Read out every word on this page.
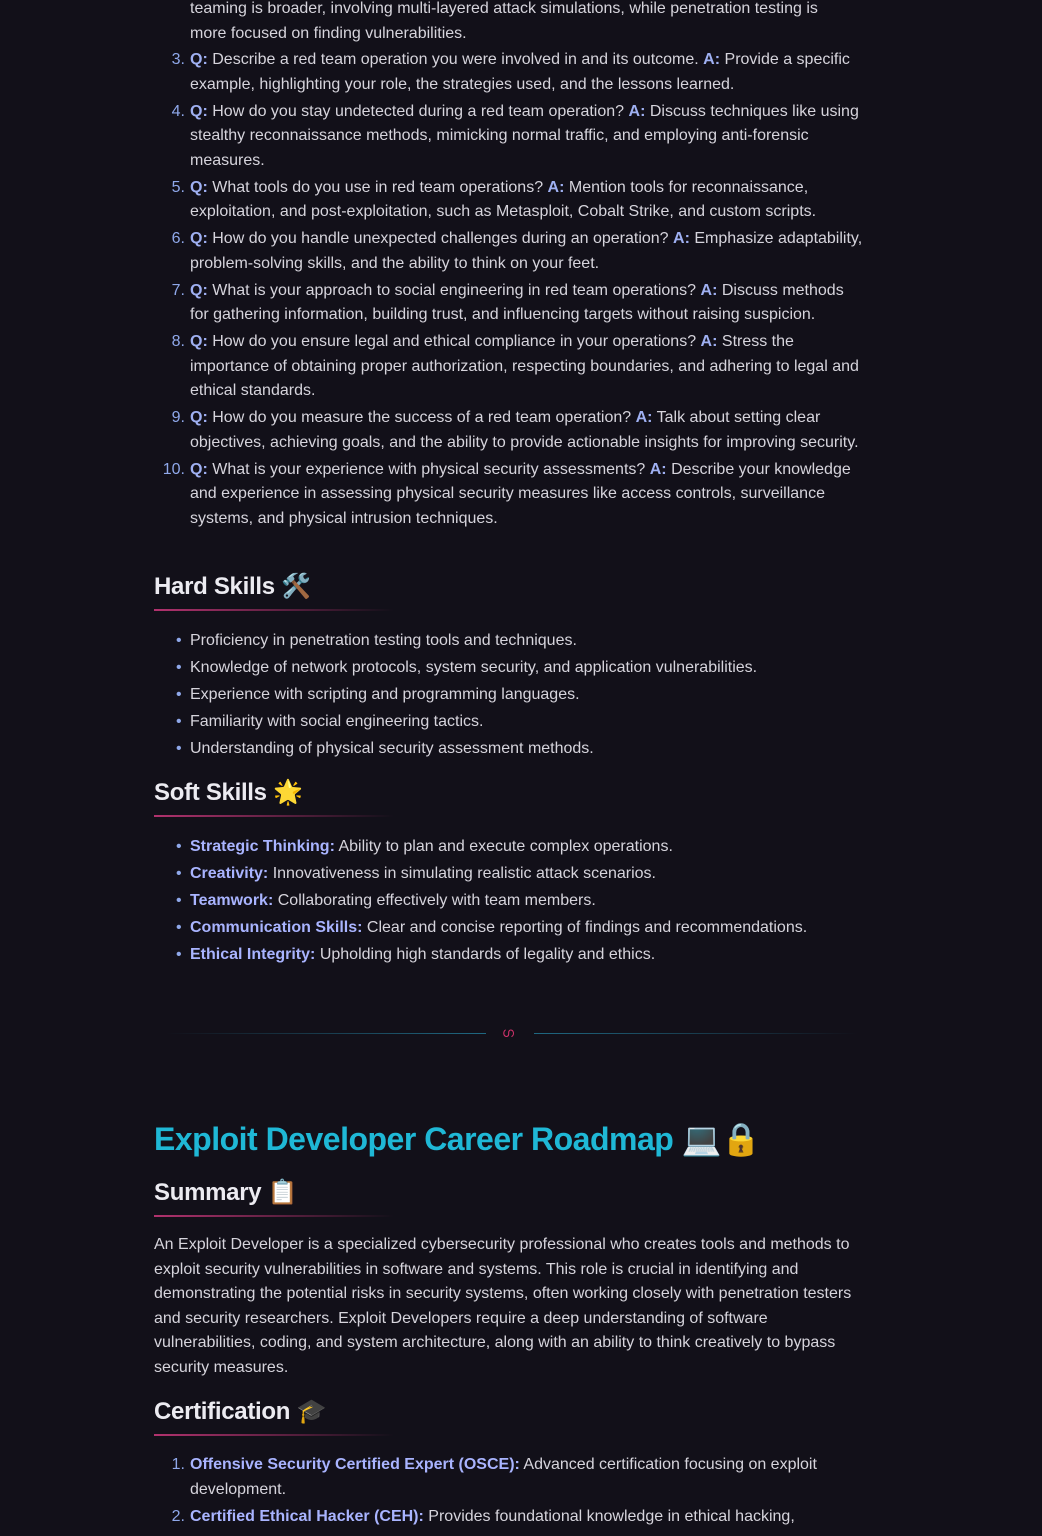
teaming is broader, involving multi-layered attack simulations, while penetration testing is
more focused on finding vulnerabilities.
3. Q: Describe a red team operation you were involved in and its outcome. A: Provide a specific example, highlighting your role, the strategies used, and the lessons learned.
4. Q: How do you stay undetected during a red team operation? A: Discuss techniques like using stealthy reconnaissance methods, mimicking normal traffic, and employing anti-forensic measures.
5. Q: What tools do you use in red team operations? A: Mention tools for reconnaissance, exploitation, and post-exploitation, such as Metasploit, Cobalt Strike, and custom scripts.
6. Q: How do you handle unexpected challenges during an operation? A: Emphasize adaptability, problem-solving skills, and the ability to think on your feet.
7. Q: What is your approach to social engineering in red team operations? A: Discuss methods for gathering information, building trust, and influencing targets without raising suspicion.
8. Q: How do you ensure legal and ethical compliance in your operations? A: Stress the importance of obtaining proper authorization, respecting boundaries, and adhering to legal and ethical standards.
9. Q: How do you measure the success of a red team operation? A: Talk about setting clear objectives, achieving goals, and the ability to provide actionable insights for improving security.
10. Q: What is your experience with physical security assessments? A: Describe your knowledge and experience in assessing physical security measures like access controls, surveillance systems, and physical intrusion techniques.
Hard Skills 🛠️
• Proficiency in penetration testing tools and techniques.
• Knowledge of network protocols, system security, and application vulnerabilities.
• Experience with scripting and programming languages.
• Familiarity with social engineering tactics.
• Understanding of physical security assessment methods.
Soft Skills 🌟
• Strategic Thinking: Ability to plan and execute complex operations.
• Creativity: Innovativeness in simulating realistic attack scenarios.
• Teamwork: Collaborating effectively with team members.
• Communication Skills: Clear and concise reporting of findings and recommendations.
• Ethical Integrity: Upholding high standards of legality and ethics.
ഗ
Exploit Developer Career Roadmap 💻🔒
Summary 📋

An Exploit Developer is a specialized cybersecurity professional who creates tools and methods to exploit security vulnerabilities in software and systems. This role is crucial in identifying and demonstrating the potential risks in security systems, often working closely with penetration testers and security researchers. Exploit Developers require a deep understanding of software vulnerabilities, coding, and system architecture, along with an ability to think creatively to bypass security measures.

Certification 🎓
1. Offensive Security Certified Expert (OSCE): Advanced certification focusing on exploit development.
2. Certified Ethical Hacker (CEH): Provides foundational knowledge in ethical hacking,
